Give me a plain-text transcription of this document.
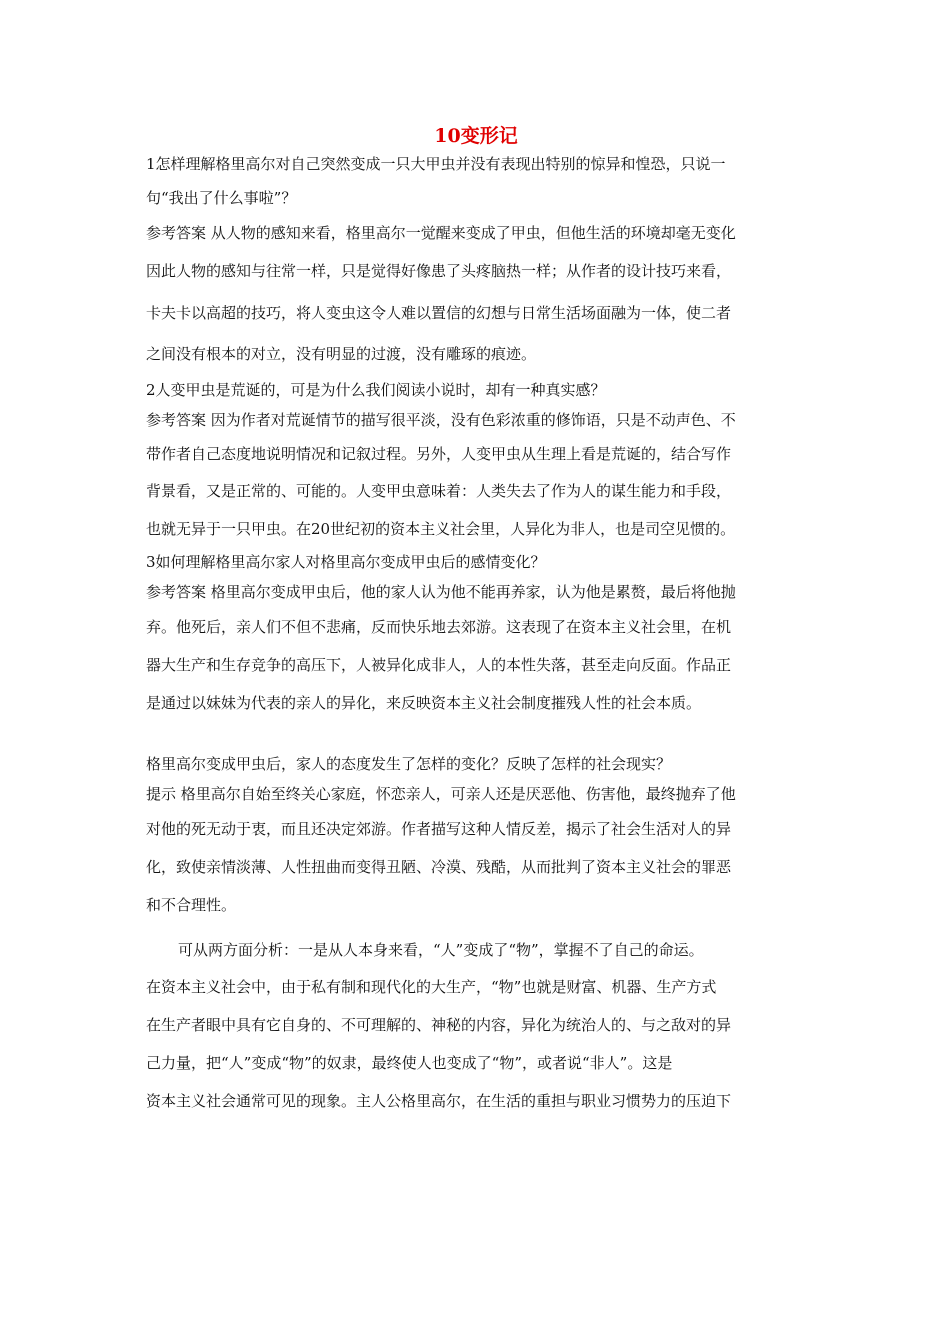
10变形记
1怎样理解格里高尔对自己突然变成一只大甲虫并没有表现出特别的惊异和惶恐，只说一
句“我出了什么事啦”？
参考答案 从人物的感知来看，格里高尔一觉醒来变成了甲虫，但他生活的环境却毫无变化
因此人物的感知与往常一样，只是觉得好像患了头疼脑热一样；从作者的设计技巧来看，
卡夫卡以高超的技巧，将人变虫这令人难以置信的幻想与日常生活场面融为一体，使二者
之间没有根本的对立，没有明显的过渡，没有雕琢的痕迹。
2人变甲虫是荒诞的，可是为什么我们阅读小说时，却有一种真实感？
参考答案 因为作者对荒诞情节的描写很平淡，没有色彩浓重的修饰语，只是不动声色、不
带作者自己态度地说明情况和记叙过程。另外，人变甲虫从生理上看是荒诞的，结合写作
背景看，又是正常的、可能的。人变甲虫意味着：人类失去了作为人的谋生能力和手段，
也就无异于一只甲虫。在20世纪初的资本主义社会里，人异化为非人，也是司空见惯的。
3如何理解格里高尔家人对格里高尔变成甲虫后的感情变化？
参考答案 格里高尔变成甲虫后，他的家人认为他不能再养家，认为他是累赘，最后将他抛
弃。他死后，亲人们不但不悲痛，反而快乐地去郊游。这表现了在资本主义社会里，在机
器大生产和生存竞争的高压下，人被异化成非人，人的本性失落，甚至走向反面。作品正
是通过以妹妹为代表的亲人的异化，来反映资本主义社会制度摧残人性的社会本质。
格里高尔变成甲虫后，家人的态度发生了怎样的变化？反映了怎样的社会现实？
提示 格里高尔自始至终关心家庭，怀恋亲人，可亲人还是厌恶他、伤害他，最终抛弃了他
对他的死无动于衷，而且还决定郊游。作者描写这种人情反差，揭示了社会生活对人的异
化，致使亲情淡薄、人性扭曲而变得丑陋、冷漠、残酷，从而批判了资本主义社会的罪恶
和不合理性。
可从两方面分析：一是从人本身来看，“人”变成了“物”，掌握不了自己的命运。
在资本主义社会中，由于私有制和现代化的大生产，“物”也就是财富、机器、生产方式
在生产者眼中具有它自身的、不可理解的、神秘的内容，异化为统治人的、与之敌对的异
己力量，把“人”变成“物”的奴隶，最终使人也变成了“物”，或者说“非人”。这是
资本主义社会通常可见的现象。主人公格里高尔，在生活的重担与职业习惯势力的压迫下
